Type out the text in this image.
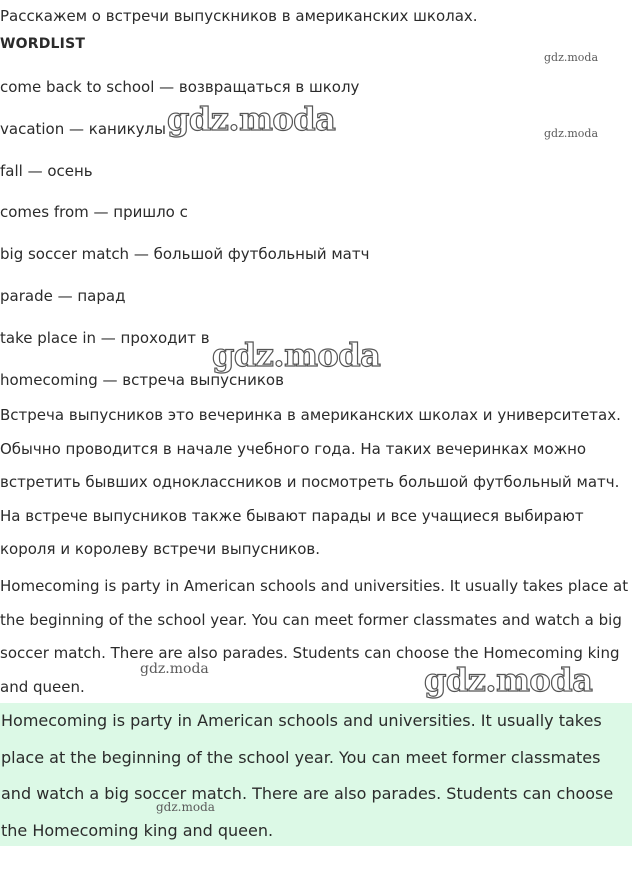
Расскажем о встречи выпускников в американских школах.
WORDLIST
come back to school — возвращаться в школу
vacation — каникулы
fall — осень
comes from — пришло с
big soccer match — большой футбольный матч
parade — парад
take place in — проходит в
homecoming — встреча выпусников

Встреча выпусников это вечеринка в американских школах и университетах. Обычно проводится в начале учебного года. На таких вечеринках можно встретить бывших одноклассников и посмотреть большой футбольный матч. На встрече выпусников также бывают парады и все учащиеся выбирают короля и королеву встречи выпусников.

Homecoming is party in American schools and universities. It usually takes place at the beginning of the school year. You can meet former classmates and watch a big soccer match. There are also parades. Students can choose the Homecoming king and queen.

Homecoming is party in American schools and universities. It usually takes place at the beginning of the school year. You can meet former classmates and watch a big soccer match. There are also parades. Students can choose the Homecoming king and queen.

gdz.moda
gdz.moda
gdz.moda
gdz.moda
gdz.moda	gdz.moda
gdz.moda
